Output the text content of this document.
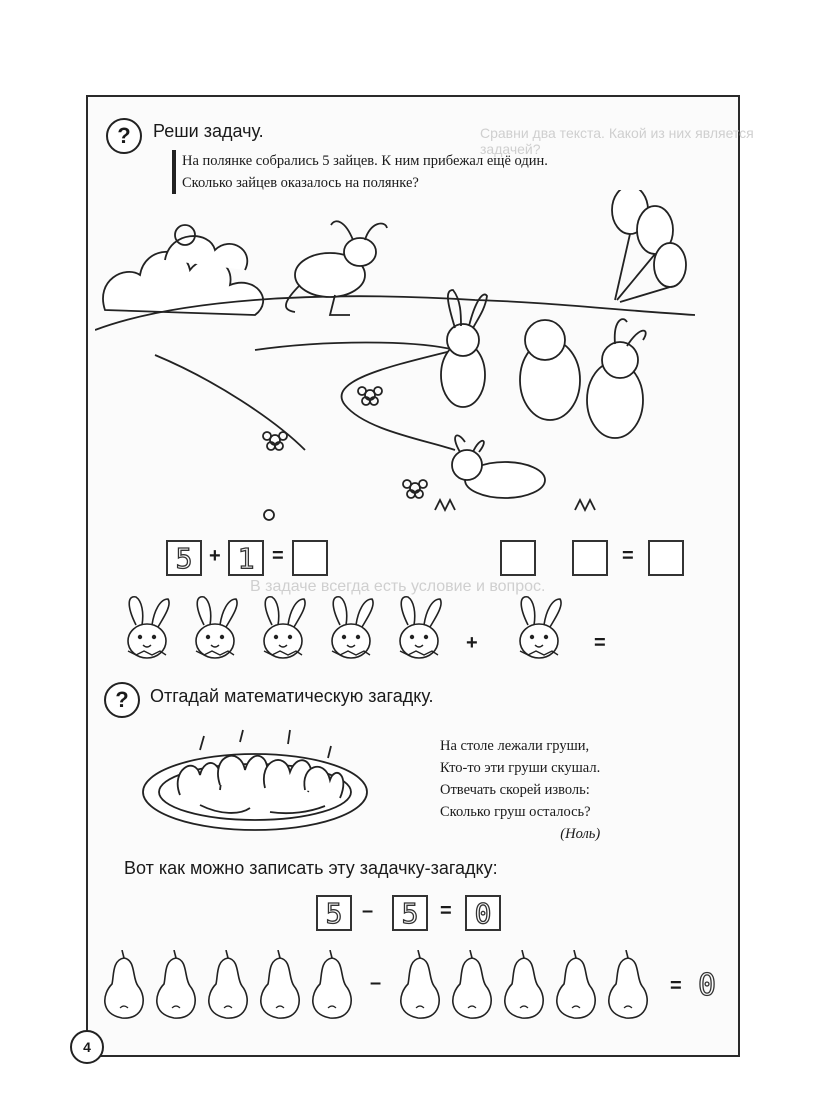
Сравни два текста. Какой из них является задачей?
В задаче всегда есть условие и вопрос.
?	Реши задачу.
На полянке собрались 5 зайцев. К ним прибежал ещё один.
Сколько зайцев оказалось на полянке?
5 + 1 =	=
+	=
?	Отгадай математическую загадку.
На столе лежали груши,
Кто-то эти груши скушал.
Отвечать скорей изволь:
Сколько груш осталось?
(Ноль)
Вот как можно записать эту задачку-загадку:
5 –	5	= 0
–	= 0
4
